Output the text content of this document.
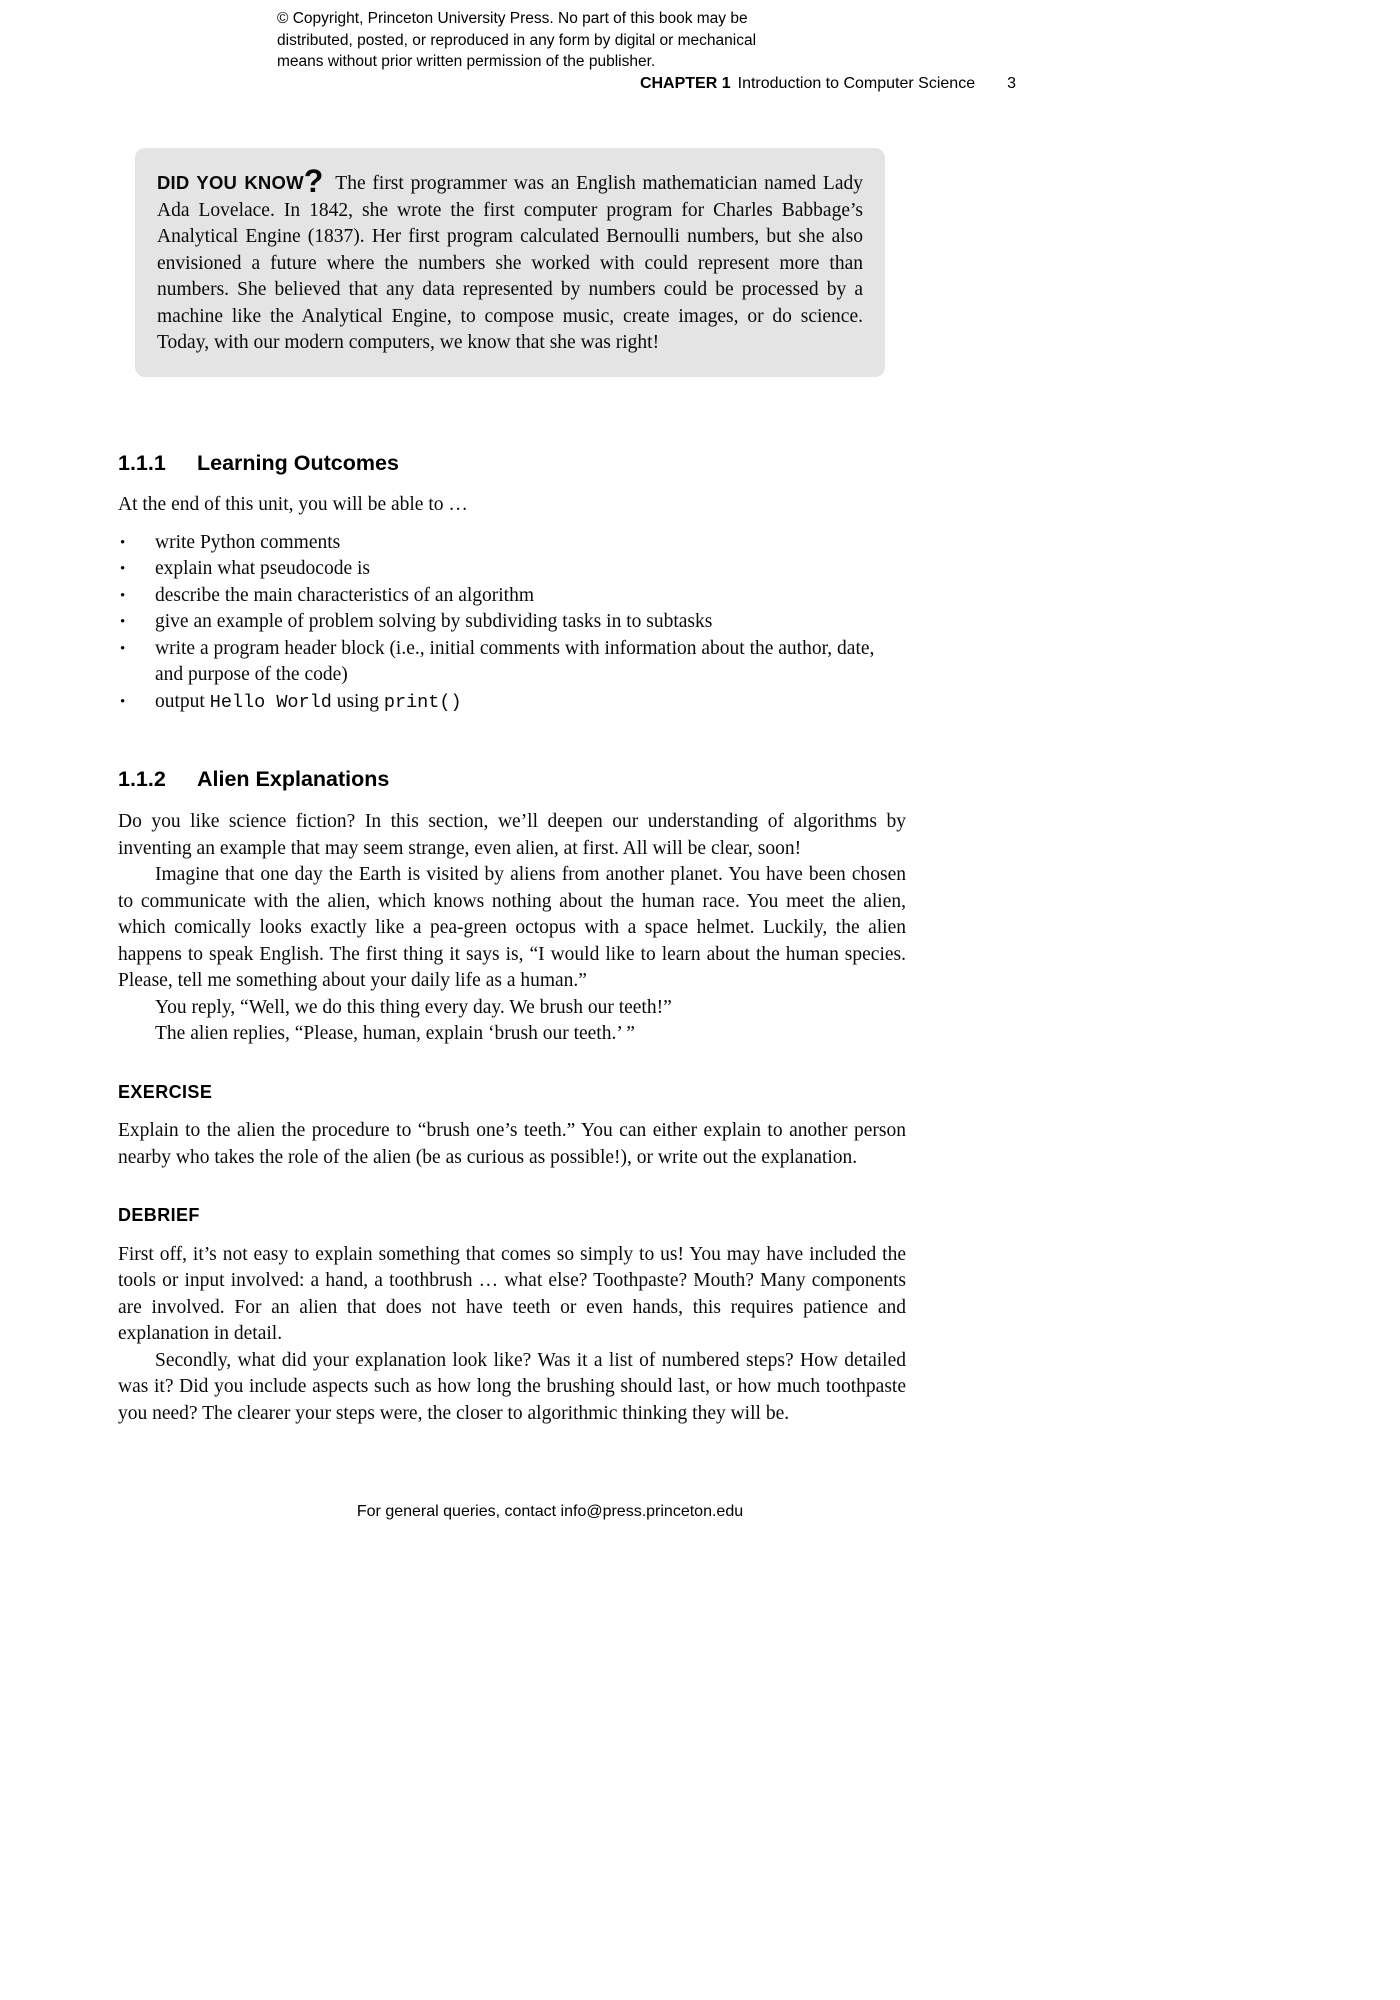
© Copyright, Princeton University Press. No part of this book may be
distributed, posted, or reproduced in any form by digital or mechanical
means without prior written permission of the publisher.
CHAPTER 1 Introduction to Computer Science 3

DID YOU KNOW? The first programmer was an English mathematician named Lady Ada Lovelace. In 1842, she wrote the first computer program for Charles Babbage’s Analytical Engine (1837). Her first program calculated Bernoulli numbers, but she also envisioned a future where the numbers she worked with could represent more than numbers. She believed that any data represented by numbers could be processed by a machine like the Analytical Engine, to compose music, create images, or do science. Today, with our modern computers, we know that she was right!

1.1.1	Learning Outcomes

At the end of this unit, you will be able to …

• write Python comments
• explain what pseudocode is
• describe the main characteristics of an algorithm
• give an example of problem solving by subdividing tasks in to subtasks
• write a program header block (i.e., initial comments with information about the author, date, and purpose of the code)
• output Hello World using print()
1.1.2	Alien Explanations

Do you like science fiction? In this section, we’ll deepen our understanding of algorithms by inventing an example that may seem strange, even alien, at first. All will be clear, soon!

Imagine that one day the Earth is visited by aliens from another planet. You have been chosen to communicate with the alien, which knows nothing about the human race. You meet the alien, which comically looks exactly like a pea-green octopus with a space helmet. Luckily, the alien happens to speak English. The first thing it says is, “I would like to learn about the human species. Please, tell me something about your daily life as a human.”

You reply, “Well, we do this thing every day. We brush our teeth!”

The alien replies, “Please, human, explain ‘brush our teeth.’ ”

EXERCISE

Explain to the alien the procedure to “brush one’s teeth.” You can either explain to another person nearby who takes the role of the alien (be as curious as possible!), or write out the explanation.

DEBRIEF

First off, it’s not easy to explain something that comes so simply to us! You may have included the tools or input involved: a hand, a toothbrush … what else? Toothpaste? Mouth? Many components are involved. For an alien that does not have teeth or even hands, this requires patience and explanation in detail.

Secondly, what did your explanation look like? Was it a list of numbered steps? How detailed was it? Did you include aspects such as how long the brushing should last, or how much toothpaste you need? The clearer your steps were, the closer to algorithmic thinking they will be.

For general queries, contact info@press.princeton.edu
